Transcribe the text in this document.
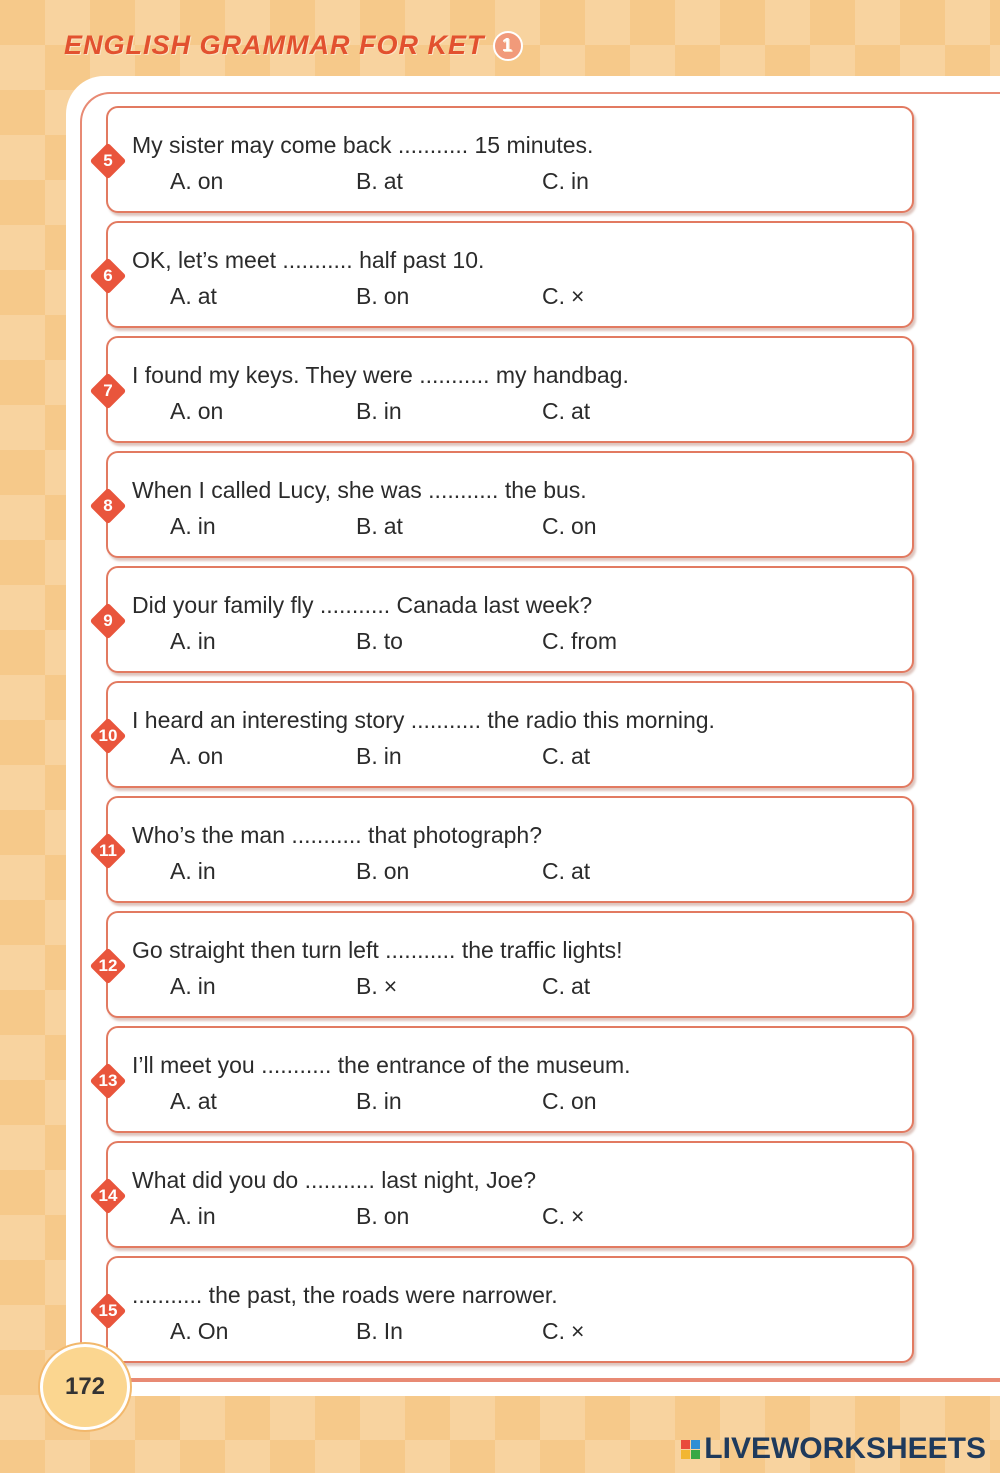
ENGLISH GRAMMAR FOR KET 1
5
My sister may come back ........... 15 minutes.
A. on	B. at	C. in
6
OK, let’s meet ........... half past 10.
A. at	B. on	C. ×
7
I found my keys. They were ........... my handbag.
A. on	B. in	C. at
8
When I called Lucy, she was ........... the bus.
A. in	B. at	C. on
9
Did your family fly ........... Canada last week?
A. in	B. to	C. from
10
I heard an interesting story ........... the radio this morning.
A. on	B. in	C. at
11
Who’s the man ........... that photograph?
A. in	B. on	C. at
12
Go straight then turn left ........... the traffic lights!
A. in	B. ×	C. at
13
I’ll meet you ........... the entrance of the museum.
A. at	B. in	C. on
14
What did you do ........... last night, Joe?
A. in	B. on	C. ×
15
........... the past, the roads were narrower.
A. On	B. In	C. ×
172
LIVEWORKSHEETS
